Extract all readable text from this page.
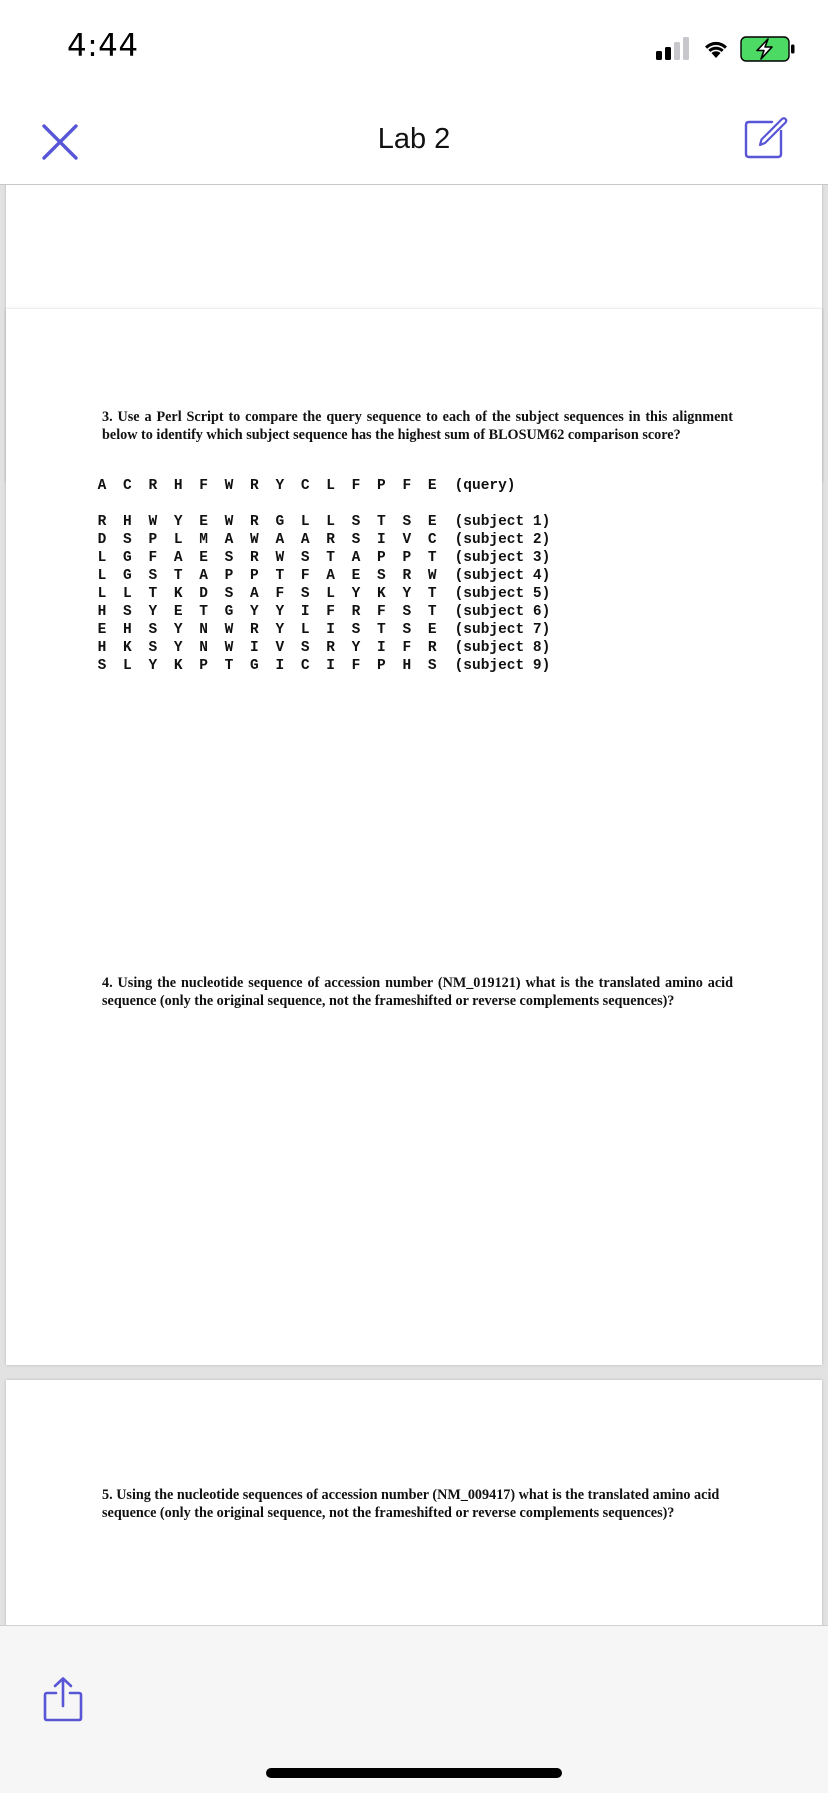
4:44
Lab 2

3. Use a Perl Script to compare the query sequence to each of the subject sequences in this alignment below to identify which subject sequence has the highest sum of BLOSUM62 comparison score?

A C R H F W R Y C L F P F E (query)
R H W Y E W R G L L S T S E (subject 1)
D S P L M A W A A R S I V C (subject 2)
L G F A E S R W S T A P P T (subject 3)
L G S T A P P T F A E S R W (subject 4)
L L T K D S A F S L Y K Y T (subject 5)
H S Y E T G Y Y I F R F S T (subject 6)
E H S Y N W R Y L I S T S E (subject 7)
H K S Y N W I V S R Y I F R (subject 8)
S L Y K P T G I C I F P H S (subject 9)

4. Using the nucleotide sequence of accession number (NM_019121) what is the translated amino acid sequence (only the original sequence, not the frameshifted or reverse complements sequences)?

5. Using the nucleotide sequences of accession number (NM_009417) what is the translated amino acid sequence (only the original sequence, not the frameshifted or reverse complements sequences)?
